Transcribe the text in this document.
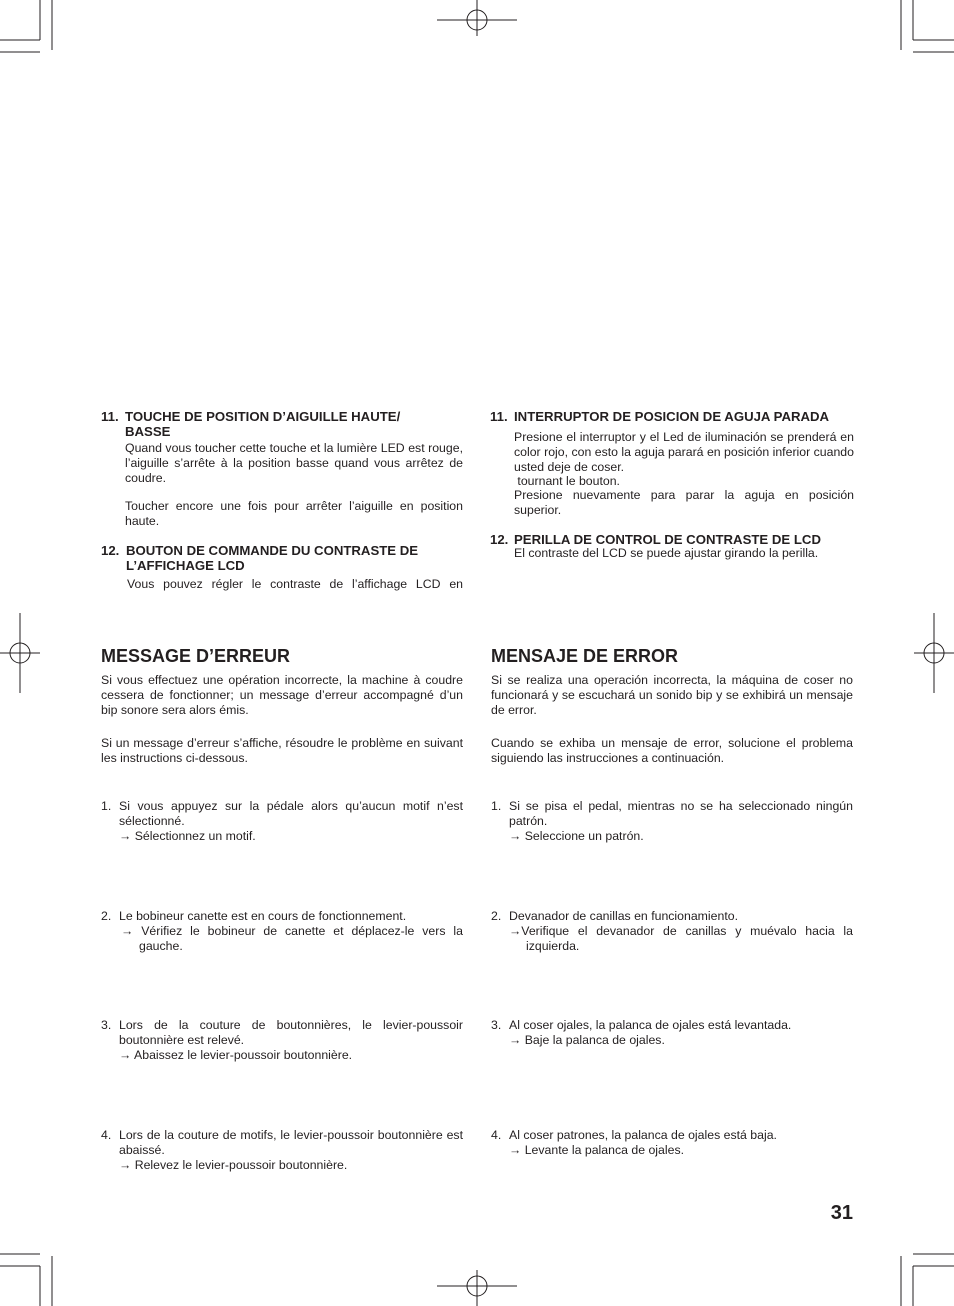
11. TOUCHE DE POSITION D’AIGUILLE HAUTE/
BASSE
Quand vous toucher cette touche et la lumière LED est rouge, l’aiguille s’arrête à la position basse quand vous arrêtez de coudre.
Toucher encore une fois pour arrêter l’aiguille en position haute.
12. BOUTON DE COMMANDE DU CONTRASTE DE
L’AFFICHAGE LCD
Vous pouvez régler le contraste de l’affichage LCD en
MESSAGE D’ERREUR
Si vous effectuez une opération incorrecte, la machine à coudre cessera de fonctionner; un message d’erreur accompagné d’un bip sonore sera alors émis.
Si un message d’erreur s’affiche, résoudre le problème en suivant les instructions ci-dessous.
1. Si vous appuyez sur la pédale alors qu’aucun motif n’est sélectionné.
→ Sélectionnez un motif.
2. Le bobineur canette est en cours de fonctionnement.
→ Vérifiez le bobineur de canette et déplacez-le vers la gauche.
3. Lors de la couture de boutonnières, le levier-poussoir boutonnière est relevé.
→ Abaissez le levier-poussoir boutonnière.
4. Lors de la couture de motifs, le levier-poussoir boutonnière est abaissé.
→ Relevez le levier-poussoir boutonnière.
11. INTERRUPTOR DE POSICION DE AGUJA PARADA
Presione el interruptor y el Led de iluminación se prenderá en color rojo, con esto la aguja parará en posición inferior cuando usted deje de coser.
tournant le bouton.
Presione nuevamente para parar la aguja en posición superior.
12. PERILLA DE CONTROL DE CONTRASTE DE LCD
El contraste del LCD se puede ajustar girando la perilla.
MENSAJE DE ERROR
Si se realiza una operación incorrecta, la máquina de coser no funcionará y se escuchará un sonido bip y se exhibirá un mensaje de error.
Cuando se exhiba un mensaje de error, solucione el problema siguiendo las instrucciones a continuación.
1. Si se pisa el pedal, mientras no se ha seleccionado ningún patrón.
→ Seleccione un patrón.
2. Devanador de canillas en funcionamiento.
→Verifique el devanador de canillas y muévalo hacia la izquierda.
3. Al coser ojales, la palanca de ojales está levantada.
→ Baje la palanca de ojales.
4. Al coser patrones, la palanca de ojales está baja.
→ Levante la palanca de ojales.
31
